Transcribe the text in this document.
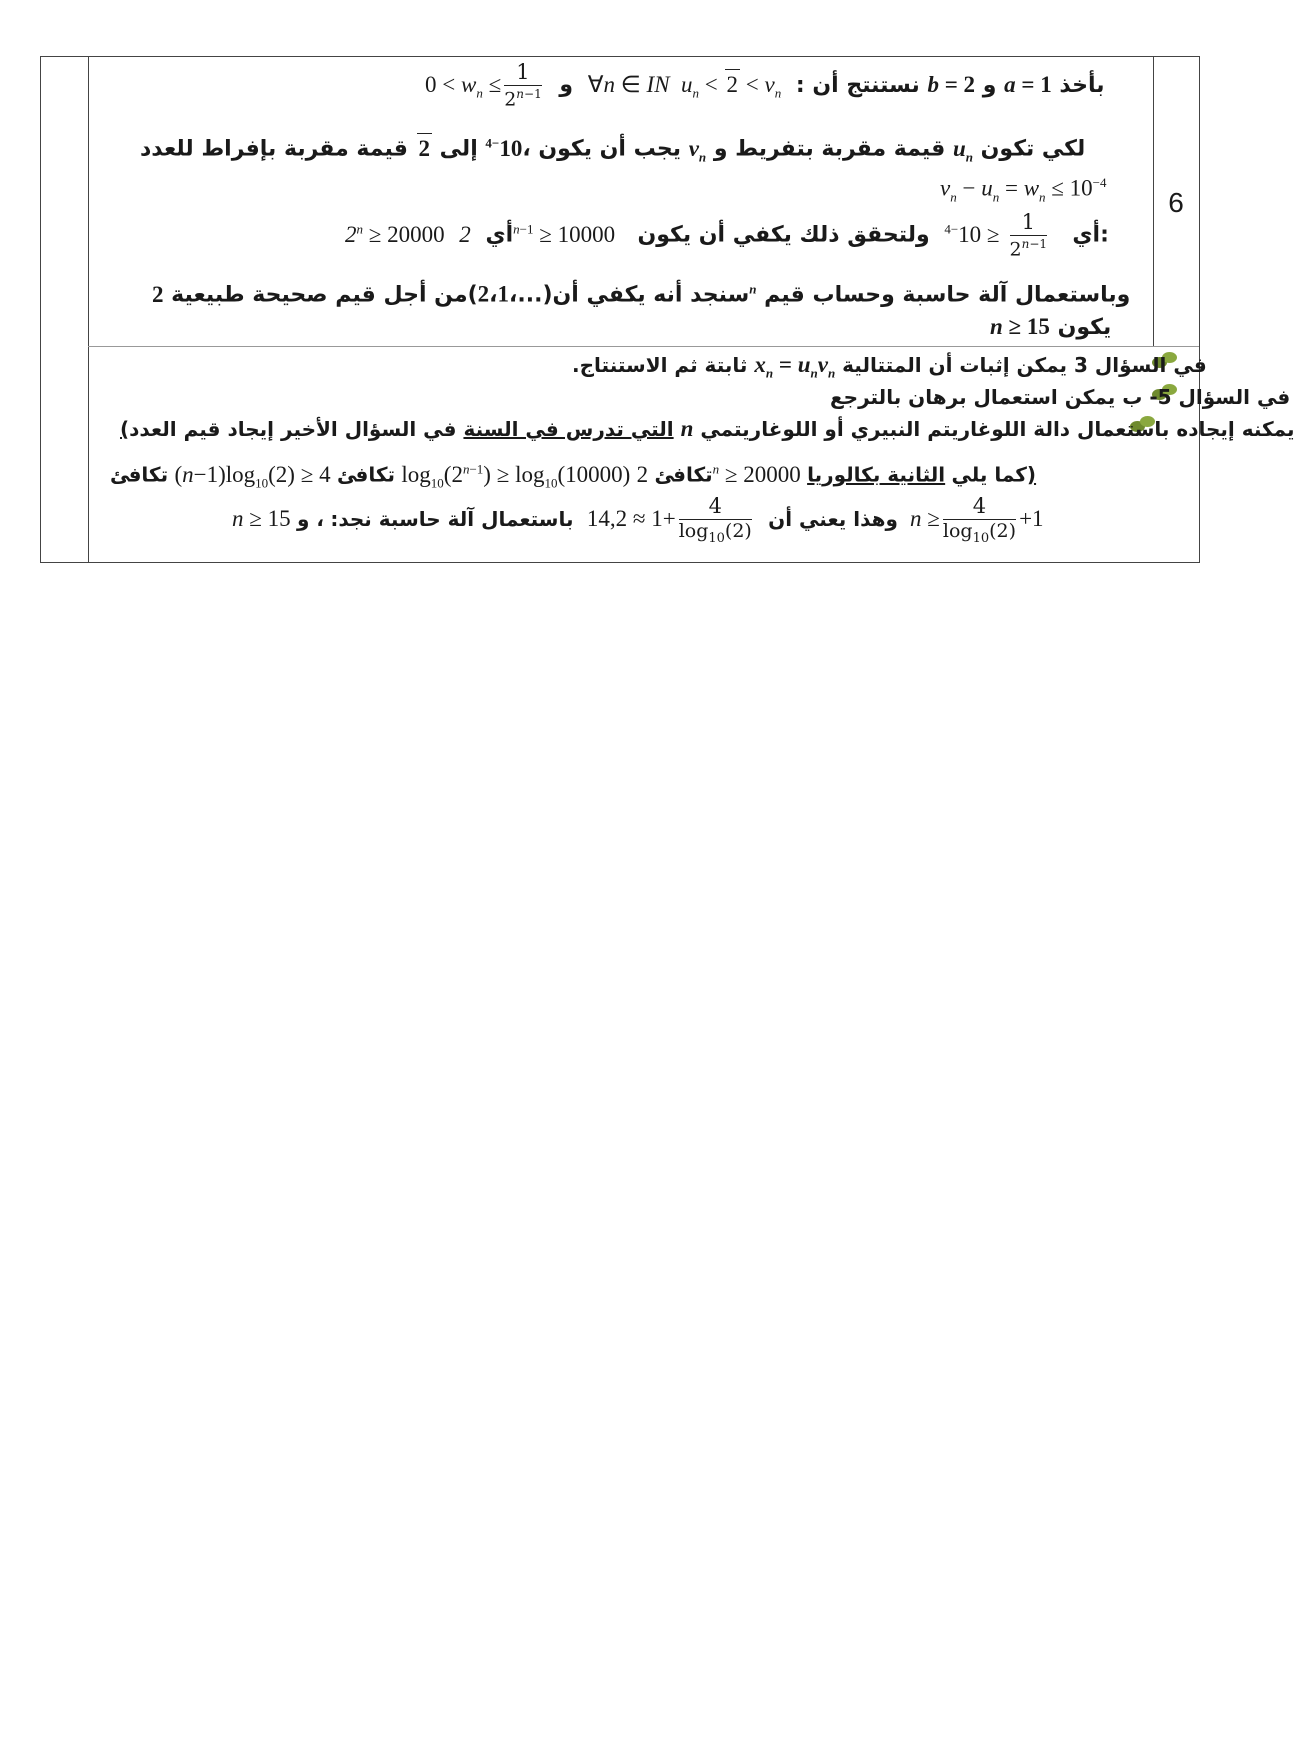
6
$0 < w_n \le \frac{1}{2^{n-1}}$ و  ∀n ∈ IN $u_n < 2 < v_n$  : نستنتج أن b = 2 و a = 1 بأخذ
يجب أن يكون $،10^{-4}$ إلى 2 قيمة مقربة بإفراط للعدد $v_n$ قيمة مقربة بتفريط و $u_n$ لكي تكون
$v_n - u_n = w_n \le 10^{-4}$
$2^n \ge 20000$  أي  2	$^{n-1}$ ≥ 10000   أي
$\frac{1}{2^{n-1}}$
≤ $10^{-4}$  ولتحقق ذلك يكفي أن يكون:
سنجد أنه يكفي أن(...،2،1)من أجل قيم صحيحة طبيعية 2	$^n$ وباستعمال آلة حاسبة وحساب قيم
n ≥ 15 يكون
.ثابتة ثم الاستنتاج $x_n = u_nv_n$ في السؤال 3 يمكن إثبات أن المتتالية
في السؤال 5- ب يمكن استعمال برهان بالترجع
(التي تدرس في السنة في السؤال الأخير إيجاد قيم العدد n يمكنه إيجاده باستعمال دالة اللوغاريتم النبيري أو اللوغاريتمي
تكافئ $(n-1)\log_{10}(2) \ge 4$ تكافئ $\log_{10}(2^{n-1}) \ge \log_{10}(10000)$ تكافئ 2	$^n$ ≥ 20000	كما يلي الثانية بكالوريا)
n ≥ 15	وهذا يعني أن
$\frac{4}{\log_{10}(2)}$
+1 ≈ 14,2  باستعمال آلة حاسبة نجد: ، و	$n \ge \frac{4}{\log_{10}(2)} +1$
